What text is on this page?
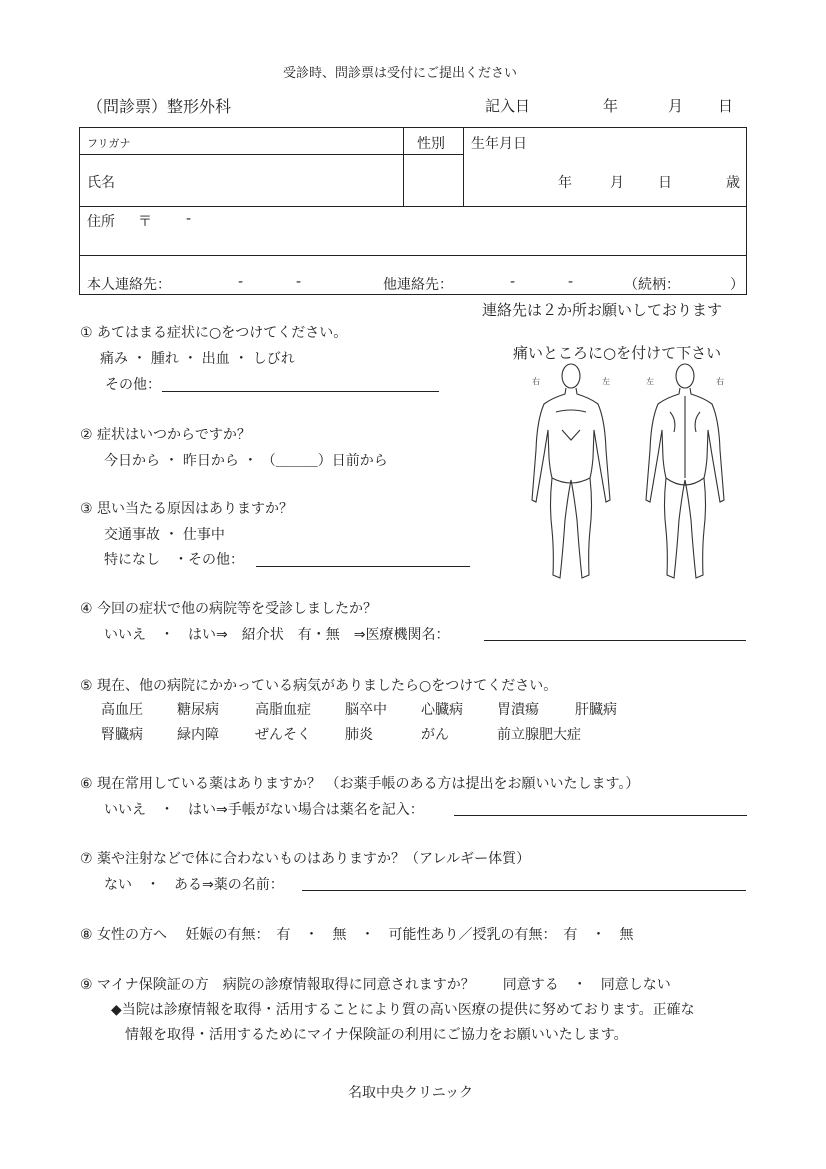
受診時、問診票は受付にご提出ください
（問診票）整形外科	記入日	年	月 日
フリガナ	性別 生年月日
氏名	年	月 日	歳
住所 〒 -
本人連絡先：	-	-	他連絡先：	-	-	（続柄：	）
連絡先は２か所お願いしております
痛いところに○を付けて下さい
右	左	左	右
① あてはまる症状に○をつけてください。
痛み ・ 腫れ ・ 出血 ・ しびれ
その他：
② 症状はいつからですか？
今日から ・ 昨日から ・ （＿＿＿）日前から
③ 思い当たる原因はありますか？
交通事故 ・ 仕事中
特になし　・その他：
④ 今回の症状で他の病院等を受診しましたか？
いいえ　・　はい⇒　紹介状　有・無　⇒医療機関名：
⑤ 現在、他の病院にかかっている病気がありましたら○をつけてください。
高血圧 糖尿病	高脂血症 脳卒中 心臓病 胃潰瘍	肝臓病
腎臓病 緑内障	ぜんそく 肺炎	がん	前立腺肥大症
⑥ 現在常用している薬はありますか？ （お薬手帳のある方は提出をお願いいたします。）
いいえ　・　はい⇒手帳がない場合は薬名を記入：
⑦ 薬や注射などで体に合わないものはありますか？（アレルギー体質）
ない　・　ある⇒薬の名前：
⑧ 女性の方へ　 妊娠の有無：　有　・　無　・　可能性あり／授乳の有無：　有　・　無
⑨ マイナ保険証の方　病院の診療情報取得に同意されますか？　　同意する　・　同意しない
◆当院は診療情報を取得・活用することにより質の高い医療の提供に努めております。正確な
情報を取得・活用するためにマイナ保険証の利用にご協力をお願いいたします。
名取中央クリニック
